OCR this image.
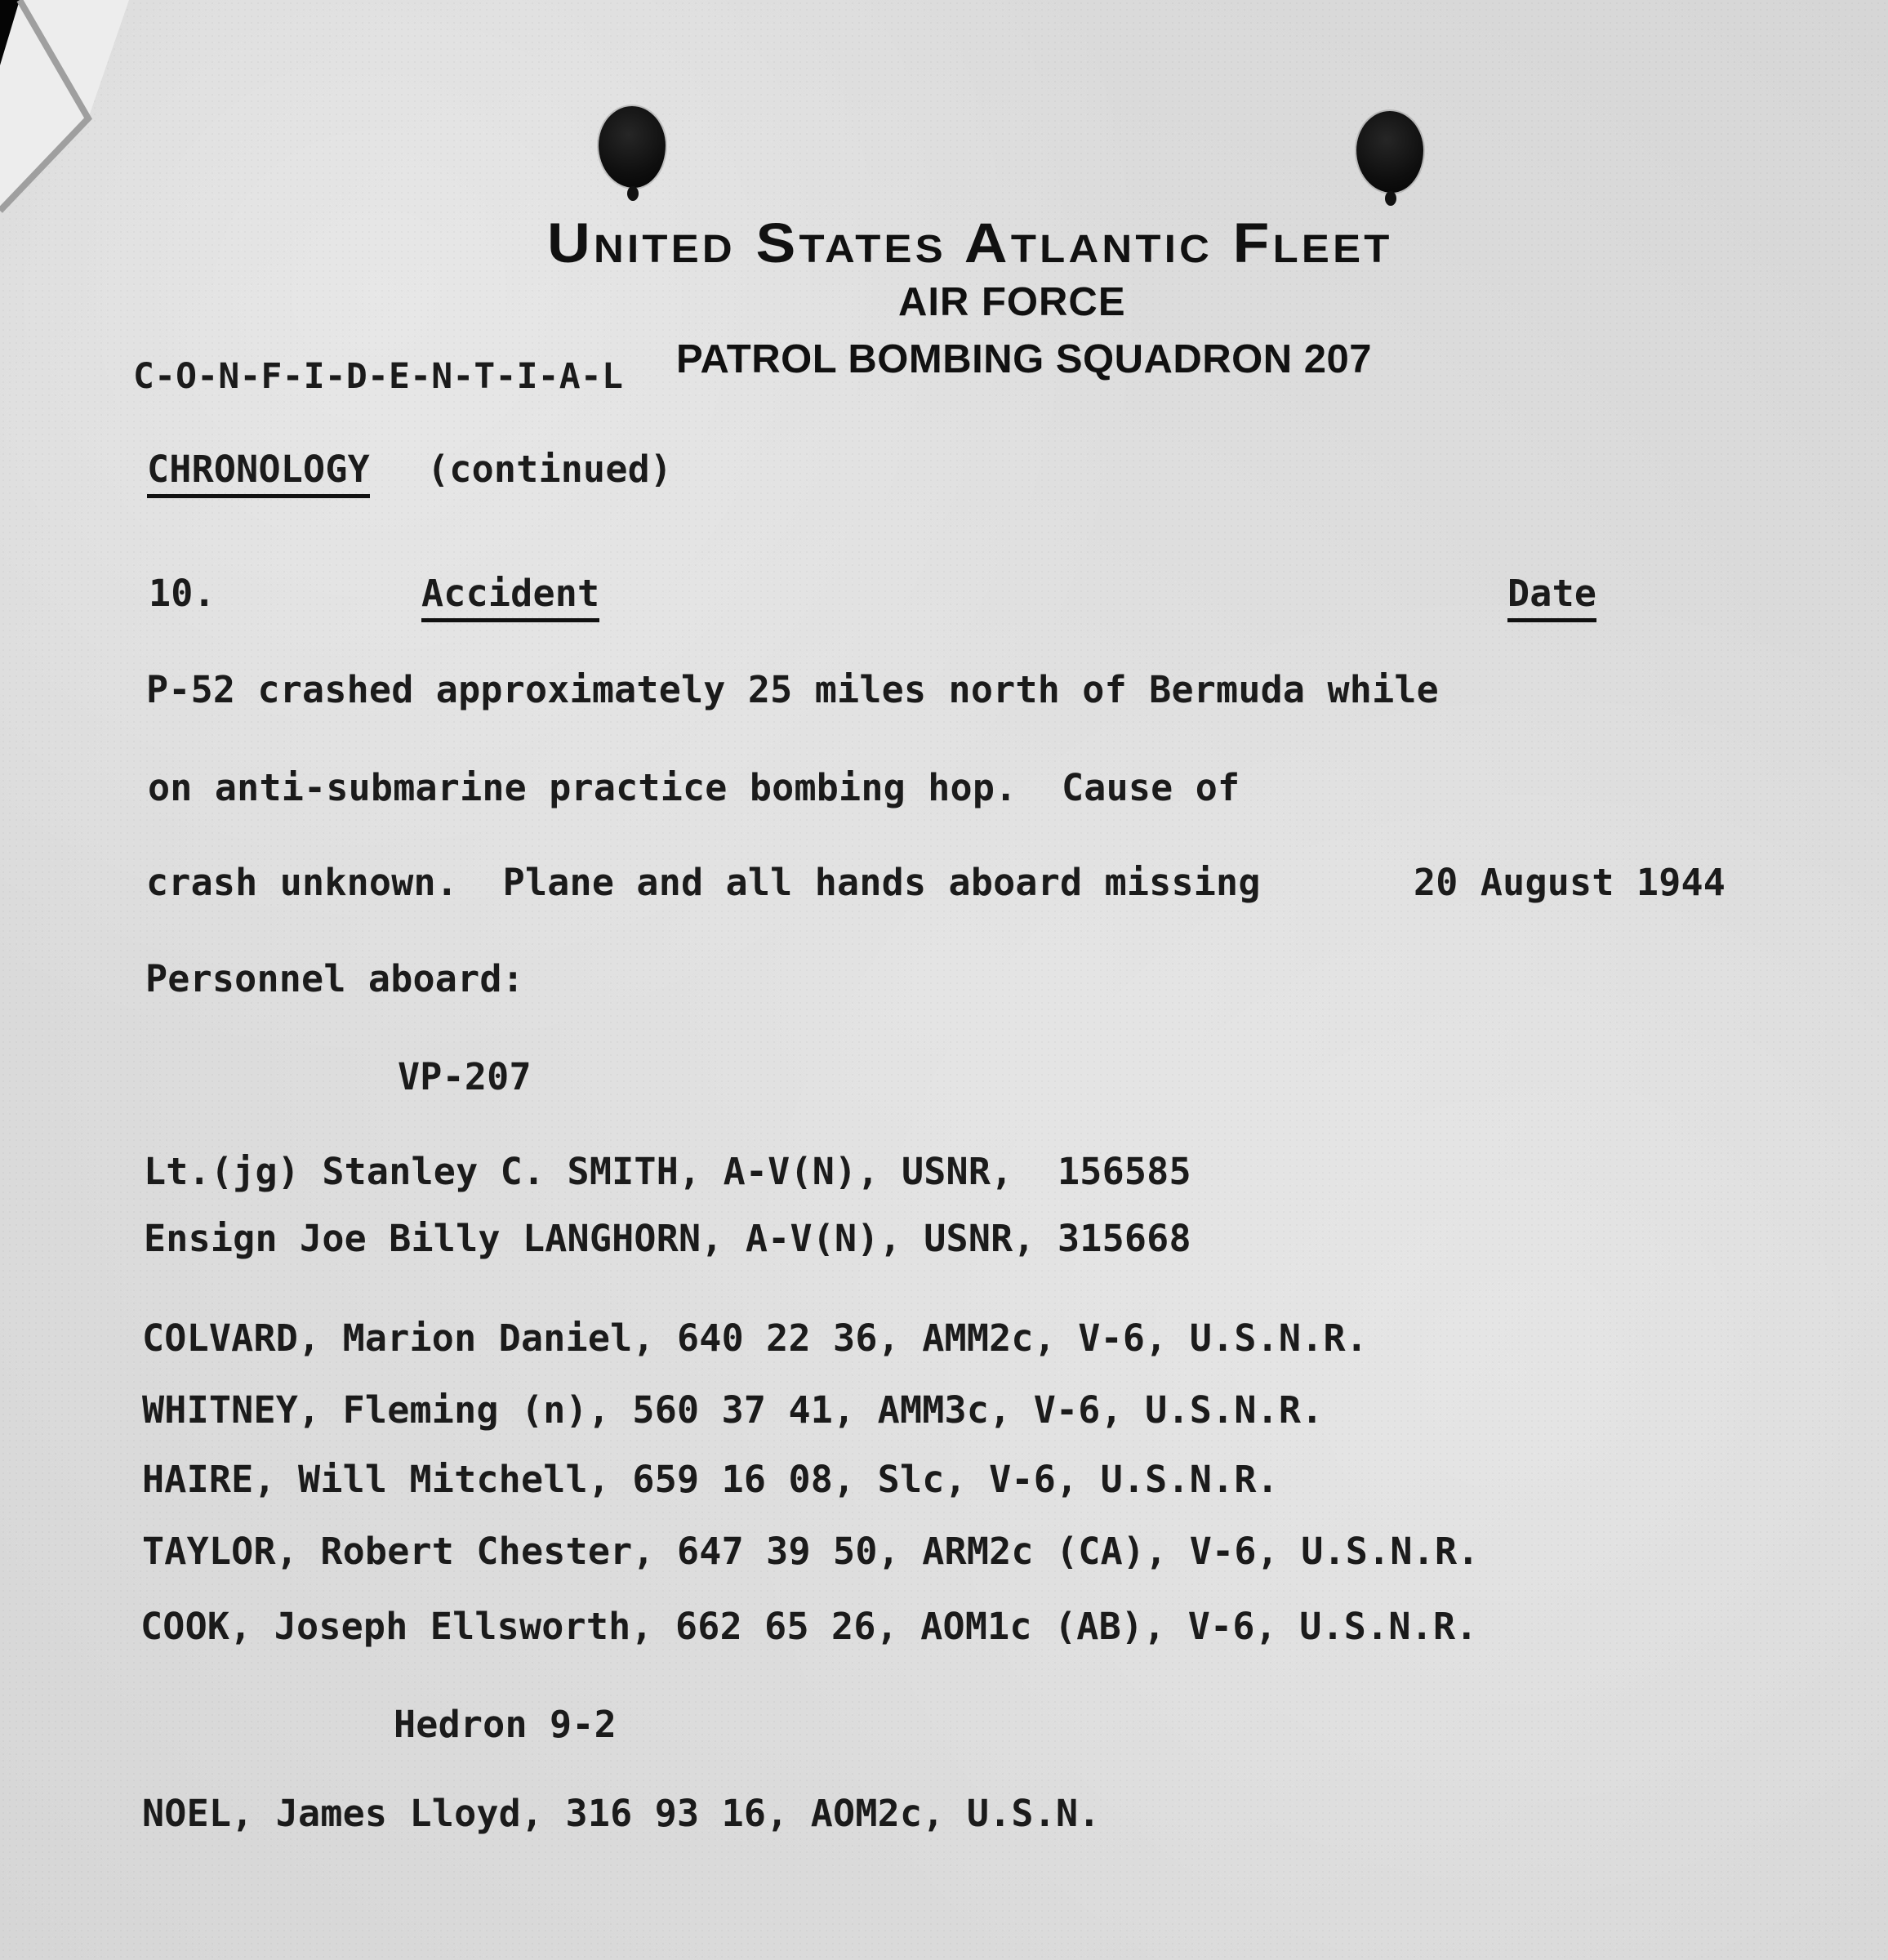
United States Atlantic Fleet
AIR FORCE
PATROL BOMBING SQUADRON 207
C-O-N-F-I-D-E-N-T-I-A-L
CHRONOLOGY (continued)
10.	Accident	Date
P-52 crashed approximately 25 miles north of Bermuda while
on anti-submarine practice bombing hop.  Cause of
crash unknown.  Plane and all hands aboard missing	20 August 1944
Personnel aboard:
VP-207
Lt.(jg) Stanley C. SMITH, A-V(N), USNR,  156585
Ensign Joe Billy LANGHORN, A-V(N), USNR, 315668
COLVARD, Marion Daniel, 640 22 36, AMM2c, V-6, U.S.N.R.
WHITNEY, Fleming (n), 560 37 41, AMM3c, V-6, U.S.N.R.
HAIRE, Will Mitchell, 659 16 08, Slc, V-6, U.S.N.R.
TAYLOR, Robert Chester, 647 39 50, ARM2c (CA), V-6, U.S.N.R.
COOK, Joseph Ellsworth, 662 65 26, AOM1c (AB), V-6, U.S.N.R.
Hedron 9-2
NOEL, James Lloyd, 316 93 16, AOM2c, U.S.N.
